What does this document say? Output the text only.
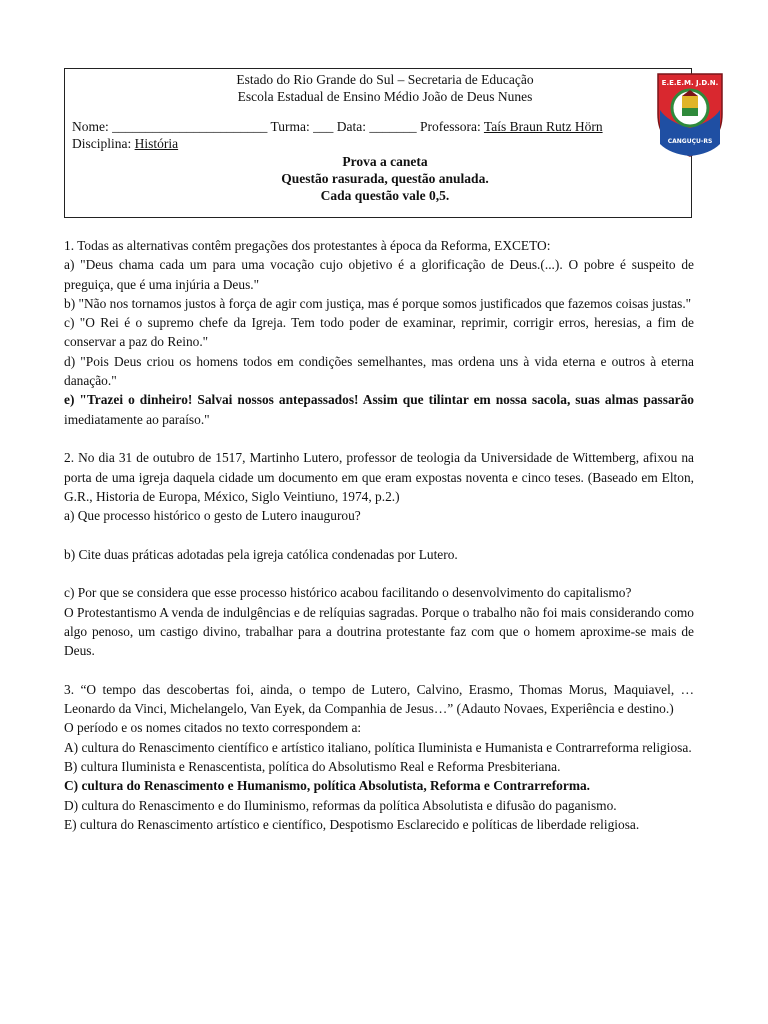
Estado do Rio Grande do Sul – Secretaria de Educação
Escola Estadual de Ensino Médio João de Deus Nunes
Nome: _______________________ Turma: ___ Data: _______ Professora: Taís Braun Rutz Hörn
Disciplina: História
Prova a caneta
Questão rasurada, questão anulada.
Cada questão vale 0,5.
E.E.E.M. J.D.N.
CANGUÇU-RS

1. Todas as alternativas contêm pregações dos protestantes à época da Reforma, EXCETO:

a) "Deus chama cada um para uma vocação cujo objetivo é a glorificação de Deus.(...). O pobre é suspeito de preguiça, que é uma injúria a Deus."

b) "Não nos tornamos justos à força de agir com justiça, mas é porque somos justificados que fazemos coisas justas."

c) "O Rei é o supremo chefe da Igreja. Tem todo poder de examinar, reprimir, corrigir erros, heresias, a fim de conservar a paz do Reino."

d) "Pois Deus criou os homens todos em condições semelhantes, mas ordena uns à vida eterna e outros à eterna danação."

e) "Trazei o dinheiro! Salvai nossos antepassados! Assim que tilintar em nossa sacola, suas almas passarão imediatamente ao paraíso."

2. No dia 31 de outubro de 1517, Martinho Lutero, professor de teologia da Universidade de Wittemberg, afixou na porta de uma igreja daquela cidade um documento em que eram expostas noventa e cinco teses. (Baseado em Elton, G.R., Historia de Europa, México, Siglo Veintiuno, 1974, p.2.)

a) Que processo histórico o gesto de Lutero inaugurou?

b) Cite duas práticas adotadas pela igreja católica condenadas por Lutero.

c) Por que se considera que esse processo histórico acabou facilitando o desenvolvimento do capitalismo?

O Protestantismo A venda de indulgências e de relíquias sagradas. Porque o trabalho não foi mais considerando como algo penoso, um castigo divino, trabalhar para a doutrina protestante faz com que o homem aproxime-se mais de Deus.

3. “O tempo das descobertas foi, ainda, o tempo de Lutero, Calvino, Erasmo, Thomas Morus, Maquiavel, … Leonardo da Vinci, Michelangelo, Van Eyek, da Companhia de Jesus…” (Adauto Novaes, Experiência e destino.)

O período e os nomes citados no texto correspondem a:

A) cultura do Renascimento científico e artístico italiano, política Iluminista e Humanista e Contrarreforma religiosa.

B) cultura Iluminista e Renascentista, política do Absolutismo Real e Reforma Presbiteriana.

C) cultura do Renascimento e Humanismo, política Absolutista, Reforma e Contrarreforma.

D) cultura do Renascimento e do Iluminismo, reformas da política Absolutista e difusão do paganismo.

E) cultura do Renascimento artístico e científico, Despotismo Esclarecido e políticas de liberdade religiosa.
